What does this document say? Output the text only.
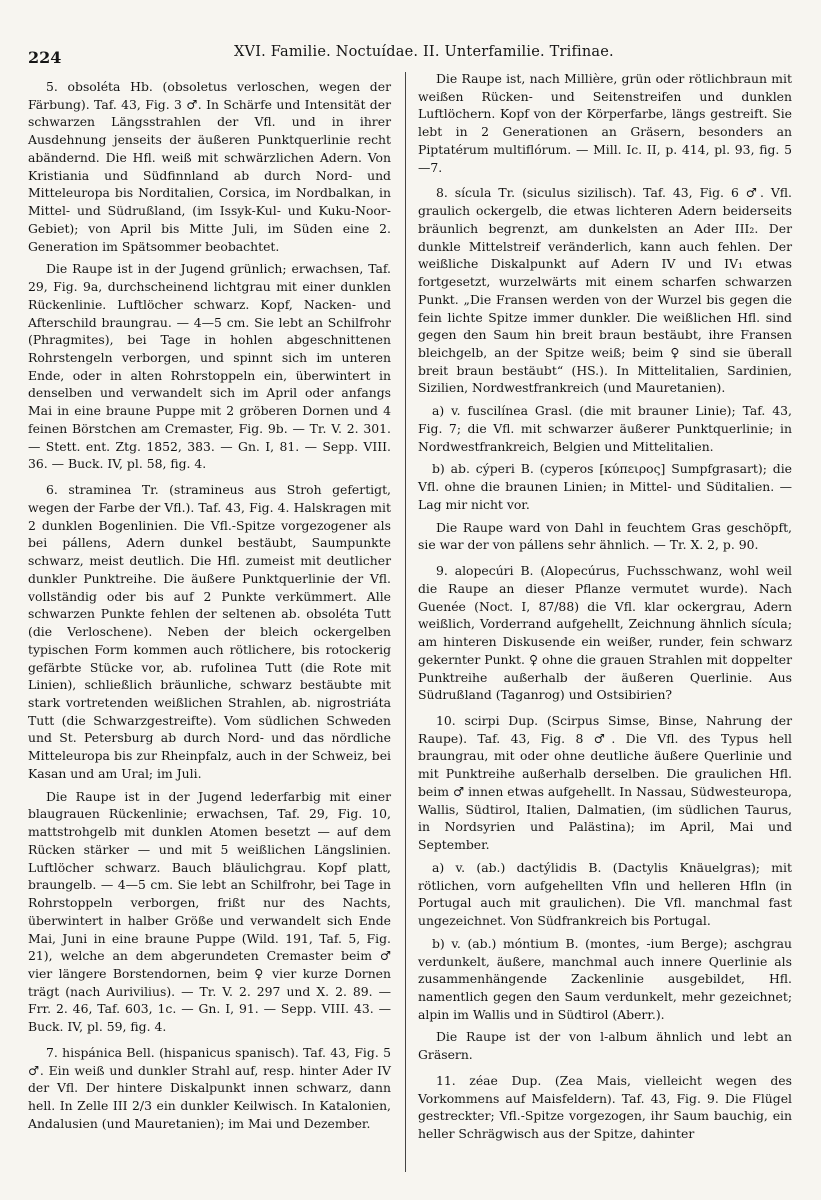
224	XVI. Familie. Noctuídae. II. Unterfamilie. Trifinae.

5. obsoléta Hb. (obsoletus verloschen, wegen der Färbung). Taf. 43, Fig. 3 ♂. In Schärfe und Intensität der schwarzen Längsstrahlen der Vfl. und in ihrer Ausdehnung jenseits der äußeren Punktquerlinie recht abändernd. Die Hfl. weiß mit schwärzlichen Adern. Von Kristiania und Südfinnland ab durch Nord- und Mitteleuropa bis Norditalien, Corsica, im Nordbalkan, in Mittel- und Südrußland, (im Issyk-Kul- und Kuku-Noor-Gebiet); von April bis Mitte Juli, im Süden eine 2. Generation im Spätsommer beobachtet.

Die Raupe ist in der Jugend grünlich; erwachsen, Taf. 29, Fig. 9a, durchscheinend lichtgrau mit einer dunklen Rückenlinie. Luftlöcher schwarz. Kopf, Nacken- und Afterschild braungrau. — 4—5 cm. Sie lebt an Schilfrohr (Phragmites), bei Tage in hohlen abgeschnittenen Rohrstengeln verborgen, und spinnt sich im unteren Ende, oder in alten Rohrstoppeln ein, überwintert in denselben und verwandelt sich im April oder anfangs Mai in eine braune Puppe mit 2 gröberen Dornen und 4 feinen Börstchen am Cremaster, Fig. 9b. — Tr. V. 2. 301. — Stett. ent. Ztg. 1852, 383. — Gn. I, 81. — Sepp. VIII. 36. — Buck. IV, pl. 58, fig. 4.

6. straminea Tr. (stramineus aus Stroh gefertigt, wegen der Farbe der Vfl.). Taf. 43, Fig. 4. Halskragen mit 2 dunklen Bogenlinien. Die Vfl.-Spitze vorgezogener als bei pállens, Adern dunkel bestäubt, Saumpunkte schwarz, meist deutlich. Die Hfl. zumeist mit deutlicher dunkler Punktreihe. Die äußere Punktquerlinie der Vfl. vollständig oder bis auf 2 Punkte verkümmert. Alle schwarzen Punkte fehlen der seltenen ab. obsoléta Tutt (die Verloschene). Neben der bleich ockergelben typischen Form kommen auch rötlichere, bis rotockerig gefärbte Stücke vor, ab. rufolinea Tutt (die Rote mit Linien), schließlich bräunliche, schwarz bestäubte mit stark vortretenden weißlichen Strahlen, ab. nigrostriáta Tutt (die Schwarzgestreifte). Vom südlichen Schweden und St. Petersburg ab durch Nord- und das nördliche Mitteleuropa bis zur Rheinpfalz, auch in der Schweiz, bei Kasan und am Ural; im Juli.

Die Raupe ist in der Jugend lederfarbig mit einer blaugrauen Rückenlinie; erwachsen, Taf. 29, Fig. 10, mattstrohgelb mit dunklen Atomen besetzt — auf dem Rücken stärker — und mit 5 weißlichen Längslinien. Luftlöcher schwarz. Bauch bläulichgrau. Kopf platt, braungelb. — 4—5 cm. Sie lebt an Schilfrohr, bei Tage in Rohrstoppeln verborgen, frißt nur des Nachts, überwintert in halber Größe und verwandelt sich Ende Mai, Juni in eine braune Puppe (Wild. 191, Taf. 5, Fig. 21), welche an dem abgerundeten Cremaster beim ♂ vier längere Borstendornen, beim ♀ vier kurze Dornen trägt (nach Aurivilius). — Tr. V. 2. 297 und X. 2. 89. — Frr. 2. 46, Taf. 603, 1c. — Gn. I, 91. — Sepp. VIII. 43. — Buck. IV, pl. 59, fig. 4.

7. hispánica Bell. (hispanicus spanisch). Taf. 43, Fig. 5 ♂. Ein weiß und dunkler Strahl auf, resp. hinter Ader IV der Vfl. Der hintere Diskalpunkt innen schwarz, dann hell. In Zelle III 2/3 ein dunkler Keilwisch. In Katalonien, Andalusien (und Mauretanien); im Mai und Dezember.

Die Raupe ist, nach Millière, grün oder rötlichbraun mit weißen Rücken- und Seitenstreifen und dunklen Luftlöchern. Kopf von der Körperfarbe, längs gestreift. Sie lebt in 2 Generationen an Gräsern, besonders an Piptatérum multiflórum. — Mill. Ic. II, p. 414, pl. 93, fig. 5—7.

8. sícula Tr. (siculus sizilisch). Taf. 43, Fig. 6 ♂. Vfl. graulich ockergelb, die etwas lichteren Adern beiderseits bräunlich begrenzt, am dunkelsten an Ader III₂. Der dunkle Mittelstreif veränderlich, kann auch fehlen. Der weißliche Diskalpunkt auf Adern IV und IV₁ etwas fortgesetzt, wurzelwärts mit einem scharfen schwarzen Punkt. „Die Fransen werden von der Wurzel bis gegen die fein lichte Spitze immer dunkler. Die weißlichen Hfl. sind gegen den Saum hin breit braun bestäubt, ihre Fransen bleichgelb, an der Spitze weiß; beim ♀ sind sie überall breit braun bestäubt“ (HS.). In Mittelitalien, Sardinien, Sizilien, Nordwestfrankreich (und Mauretanien).

a) v. fuscilínea Grasl. (die mit brauner Linie); Taf. 43, Fig. 7; die Vfl. mit schwarzer äußerer Punktquerlinie; in Nordwestfrankreich, Belgien und Mittelitalien.

b) ab. cýperi B. (cyperos [κύπειρος] Sumpfgrasart); die Vfl. ohne die braunen Linien; in Mittel- und Süditalien. — Lag mir nicht vor.

Die Raupe ward von Dahl in feuchtem Gras geschöpft, sie war der von pállens sehr ähnlich. — Tr. X. 2, p. 90.

9. alopecúri B. (Alopecúrus, Fuchsschwanz, wohl weil die Raupe an dieser Pflanze vermutet wurde). Nach Guenée (Noct. I, 87/88) die Vfl. klar ockergrau, Adern weißlich, Vorderrand aufgehellt, Zeichnung ähnlich sícula; am hinteren Diskusende ein weißer, runder, fein schwarz gekernter Punkt. ♀ ohne die grauen Strahlen mit doppelter Punktreihe außerhalb der äußeren Querlinie. Aus Südrußland (Taganrog) und Ostsibirien?

10. scirpi Dup. (Scirpus Simse, Binse, Nahrung der Raupe). Taf. 43, Fig. 8 ♂. Die Vfl. des Typus hell braungrau, mit oder ohne deutliche äußere Querlinie und mit Punktreihe außerhalb derselben. Die graulichen Hfl. beim ♂ innen etwas aufgehellt. In Nassau, Südwesteuropa, Wallis, Südtirol, Italien, Dalmatien, (im südlichen Taurus, in Nordsyrien und Palästina); im April, Mai und September.

a) v. (ab.) dactýlidis B. (Dactylis Knäuelgras); mit rötlichen, vorn aufgehellten Vfln und helleren Hfln (in Portugal auch mit graulichen). Die Vfl. manchmal fast ungezeichnet. Von Südfrankreich bis Portugal.

b) v. (ab.) móntium B. (montes, -ium Berge); aschgrau verdunkelt, äußere, manchmal auch innere Querlinie als zusammenhängende Zackenlinie ausgebildet, Hfl. namentlich gegen den Saum verdunkelt, mehr gezeichnet; alpin im Wallis und in Südtirol (Aberr.).

Die Raupe ist der von l-album ähnlich und lebt an Gräsern.

11. zéae Dup. (Zea Mais, vielleicht wegen des Vorkommens auf Maisfeldern). Taf. 43, Fig. 9. Die Flügel gestreckter; Vfl.-Spitze vorgezogen, ihr Saum bauchig, ein heller Schrägwisch aus der Spitze, dahinter
